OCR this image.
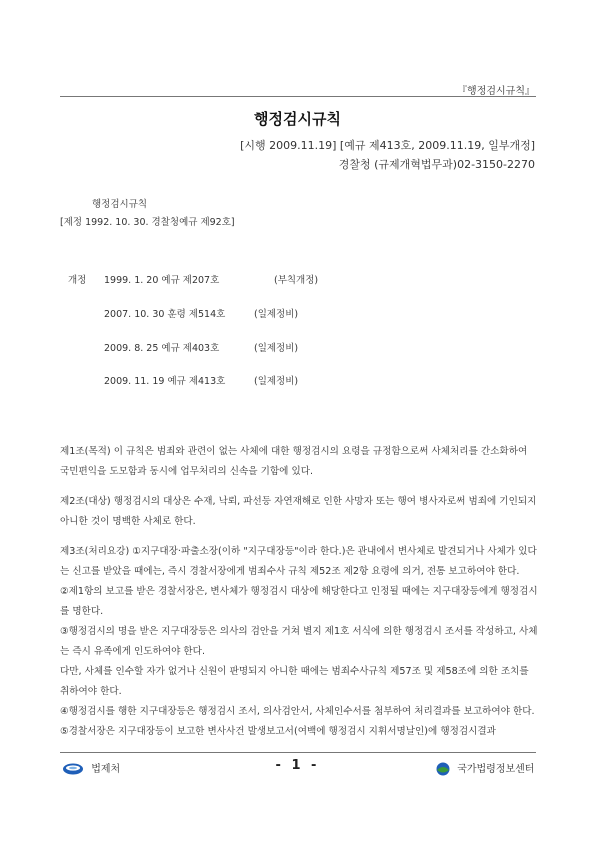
『행정검시규칙』
행정검시규칙
[시행 2009.11.19] [예규 제413호, 2009.11.19, 일부개정]
경찰청 (규제개혁법무과)02-3150-2270
행정검시규칙
[제정 1992. 10. 30. 경찰청예규 제92호]
개정 1999. 1. 20 예규 제207호	(부칙개정)
2007. 10. 30 훈령 제514호	(일제정비)
2009. 8. 25 예규 제403호	(일제정비)
2009. 11. 19 예규 제413호	(일제정비)

제1조(목적) 이 규칙은 범죄와 관련이 없는 사체에 대한 행정검시의 요령을 규정함으로써 사체처리를 간소화하여 국민편익을 도모함과 동시에 업무처리의 신속을 기함에 있다.

제2조(대상) 행정검시의 대상은 수재, 낙뢰, 파선등 자연재해로 인한 사망자 또는 행여 병사자로써 범죄에 기인되지 아니한 것이 명백한 사체로 한다.

제3조(처리요강) ①지구대장·파출소장(이하 "지구대장등"이라 한다.)은 관내에서 변사체로 발견되거나 사체가 있다는 신고를 받았을 때에는, 즉시 경찰서장에게 범죄수사 규칙 제52조 제2항 요령에 의거, 전통 보고하여야 한다.

②제1항의 보고를 받은 경찰서장은, 변사체가 행정검시 대상에 해당한다고 인정될 때에는 지구대장등에게 행정검시를 명한다.

③행정검시의 명을 받은 지구대장등은 의사의 검안을 거쳐 별지 제1호 서식에 의한 행정검시 조서를 작성하고, 사체는 즉시 유족에게 인도하여야 한다.

다만, 사체를 인수할 자가 없거나 신원이 판명되지 아니한 때에는 범죄수사규칙 제57조 및 제58조에 의한 조치를 취하여야 한다.

④행정검시를 행한 지구대장등은 행정검시 조서, 의사검안서, 사체인수서를 첨부하여 처리결과를 보고하여야 한다.

⑤경찰서장은 지구대장등이 보고한 변사사건 발생보고서(여백에 행정검시 지휘서명날인)에 행정검시결과

법제처	- 1 -	국가법령정보센터
